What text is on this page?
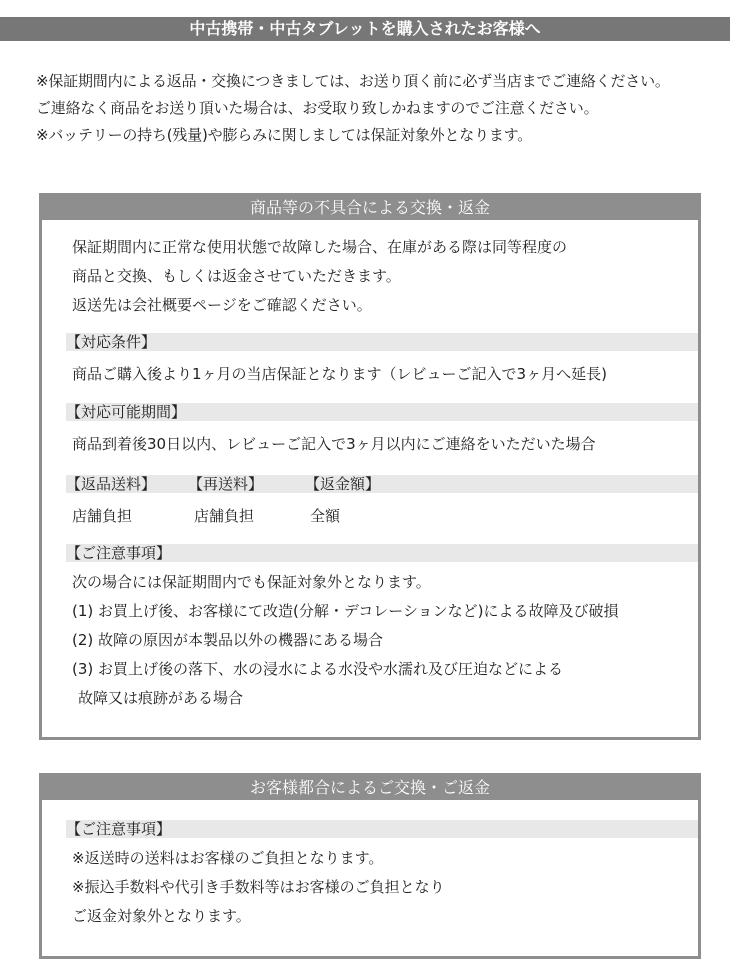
中古携帯・中古タブレットを購入されたお客様へ
※保証期間内による返品・交換につきましては、お送り頂く前に必ず当店までご連絡ください。
ご連絡なく商品をお送り頂いた場合は、お受取り致しかねますのでご注意ください。
※バッテリーの持ち(残量)や膨らみに関しましては保証対象外となります。
商品等の不具合による交換・返金
保証期間内に正常な使用状態で故障した場合、在庫がある際は同等程度の
商品と交換、もしくは返金させていただきます。
返送先は会社概要ページをご確認ください。
【対応条件】
商品ご購入後より1ヶ月の当店保証となります（レビューご記入で3ヶ月へ延長)
【対応可能期間】
商品到着後30日以内、レビューご記入で3ヶ月以内にご連絡をいただいた場合
【返品送料】 【再送料】	【返金額】
店舗負担	店舗負担	全額
【ご注意事項】
次の場合には保証期間内でも保証対象外となります。
(1) お買上げ後、お客様にて改造(分解・デコレーションなど)による故障及び破損
(2) 故障の原因が本製品以外の機器にある場合
(3) お買上げ後の落下、水の浸水による水没や水濡れ及び圧迫などによる
故障又は痕跡がある場合
お客様都合によるご交換・ご返金
【ご注意事項】
※返送時の送料はお客様のご負担となります。
※振込手数料や代引き手数料等はお客様のご負担となり
ご返金対象外となります。
